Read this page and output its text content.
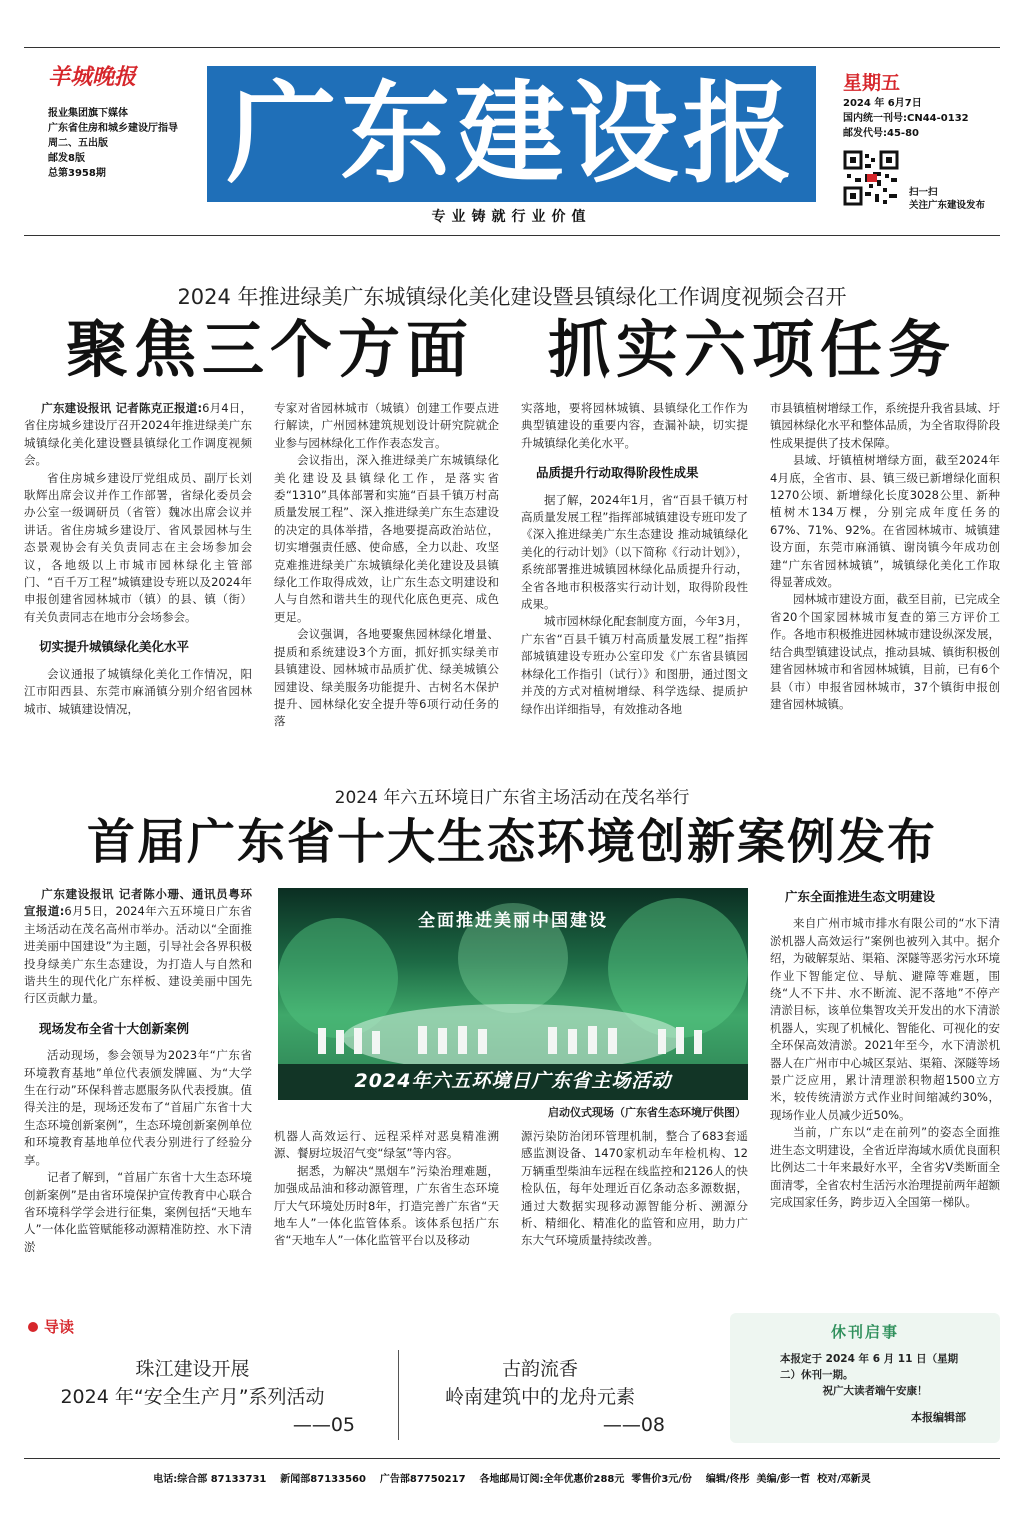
羊城晚报
报业集团旗下媒体
广东省住房和城乡建设厅指导
周二、五出版
邮发8版
总第3958期	广东建设报
专业铸就行业价值
星期五
2024 年 6月7日
国内统一刊号:CN44-0132
邮发代号:45-80
扫一扫
关注广东建设发布
2024 年推进绿美广东城镇绿化美化建设暨县镇绿化工作调度视频会召开
聚焦三个方面 抓实六项任务

广东建设报讯 记者陈克正报道:6月4日，省住房城乡建设厅召开2024年推进绿美广东城镇绿化美化建设暨县镇绿化工作调度视频会。

省住房城乡建设厅党组成员、副厅长刘耿辉出席会议并作工作部署，省绿化委员会办公室一级调研员（省管）魏冰出席会议并讲话。省住房城乡建设厅、省风景园林与生态景观协会有关负责同志在主会场参加会议，各地级以上市城市园林绿化主管部门、“百千万工程”城镇建设专班以及2024年申报创建省园林城市（镇）的县、镇（街）有关负责同志在地市分会场参会。

切实提升城镇绿化美化水平

会议通报了城镇绿化美化工作情况，阳江市阳西县、东莞市麻涌镇分别介绍省园林城市、城镇建设情况，

专家对省园林城市（城镇）创建工作要点进行解读，广州园林建筑规划设计研究院就企业参与园林绿化工作作表态发言。

会议指出，深入推进绿美广东城镇绿化美化建设及县镇绿化工作，是落实省委“1310”具体部署和实施“百县千镇万村高质量发展工程”、深入推进绿美广东生态建设的决定的具体举措，各地要提高政治站位，切实增强责任感、使命感，全力以赴、攻坚克难推进绿美广东城镇绿化美化建设及县镇绿化工作取得成效，让广东生态文明建设和人与自然和谐共生的现代化底色更亮、成色更足。

会议强调，各地要聚焦园林绿化增量、提质和系统建设3个方面，抓好抓实绿美市县镇建设、园林城市品质扩优、绿美城镇公园建设、绿美服务功能提升、古树名木保护提升、园林绿化安全提升等6项行动任务的落

实落地，要将园林城镇、县镇绿化工作作为典型镇建设的重要内容，查漏补缺，切实提升城镇绿化美化水平。

品质提升行动取得阶段性成果

据了解，2024年1月，省“百县千镇万村高质量发展工程”指挥部城镇建设专班印发了《深入推进绿美广东生态建设 推动城镇绿化美化的行动计划》（以下简称《行动计划》），系统部署推进城镇园林绿化品质提升行动，全省各地市积极落实行动计划，取得阶段性成果。

城市园林绿化配套制度方面，今年3月，广东省“百县千镇万村高质量发展工程”指挥部城镇建设专班办公室印发《广东省县镇园林绿化工作指引（试行）》和图册，通过图文并茂的方式对植树增绿、科学选绿、提质护绿作出详细指导，有效推动各地

市县镇植树增绿工作，系统提升我省县域、圩镇园林绿化水平和整体品质，为全省取得阶段性成果提供了技术保障。

县域、圩镇植树增绿方面，截至2024年4月底，全省市、县、镇三级已新增绿化面积1270公顷、新增绿化长度3028公里、新种植树木134万棵，分别完成年度任务的67%、71%、92%。在省园林城市、城镇建设方面，东莞市麻涌镇、谢岗镇今年成功创建“广东省园林城镇”，城镇绿化美化工作取得显著成效。

园林城市建设方面，截至目前，已完成全省20个国家园林城市复查的第三方评价工作。各地市积极推进园林城市建设纵深发展，结合典型镇建设试点，推动县城、镇街积极创建省园林城市和省园林城镇，目前，已有6个县（市）申报省园林城市，37个镇街申报创建省园林城镇。

2024 年六五环境日广东省主场活动在茂名举行
首届广东省十大生态环境创新案例发布

广东建设报讯 记者陈小珊、通讯员粤环宣报道:6月5日，2024年六五环境日广东省主场活动在茂名高州市举办。活动以“全面推进美丽中国建设”为主题，引导社会各界积极投身绿美广东生态建设，为打造人与自然和谐共生的现代化广东样板、建设美丽中国先行区贡献力量。

现场发布全省十大创新案例

活动现场，参会领导为2023年“广东省环境教育基地”单位代表颁发牌匾、为“大学生在行动”环保科普志愿服务队代表授旗。值得关注的是，现场还发布了“首届广东省十大生态环境创新案例”，生态环境创新案例单位和环境教育基地单位代表分别进行了经验分享。

记者了解到，“首届广东省十大生态环境创新案例”是由省环境保护宣传教育中心联合省环境科学学会进行征集，案例包括“天地车人”一体化监管赋能移动源精准防控、水下清淤

全面推进美丽中国建设
2024年六五环境日广东省主场活动
启动仪式现场（广东省生态环境厅供图）

机器人高效运行、远程采样对恶臭精准溯源、餐厨垃圾沼气变“绿氢”等内容。

据悉，为解决“黑烟车”污染治理难题，加强成品油和移动源管理，广东省生态环境厅大气环境处历时8年，打造完善广东省“天地车人”一体化监管体系。该体系包括广东省“天地车人”一体化监管平台以及移动

源污染防治闭环管理机制，整合了683套遥感监测设备、1470家机动车年检机构、12万辆重型柴油车远程在线监控和2126人的快检队伍，每年处理近百亿条动态多源数据，通过大数据实现移动源智能分析、溯源分析、精细化、精准化的监管和应用，助力广东大气环境质量持续改善。

广东全面推进生态文明建设

来自广州市城市排水有限公司的“水下清淤机器人高效运行”案例也被列入其中。据介绍，为破解泵站、渠箱、深隧等恶劣污水环境作业下智能定位、导航、避障等难题，围绕“人不下井、水不断流、泥不落地”不停产清淤目标，该单位集智攻关开发出的水下清淤机器人，实现了机械化、智能化、可视化的安全环保高效清淤。2021年至今，水下清淤机器人在广州市中心城区泵站、渠箱、深隧等场景广泛应用，累计清理淤积物超1500立方米，较传统清淤方式作业时间缩减约30%，现场作业人员减少近50%。

当前，广东以“走在前列”的姿态全面推进生态文明建设，全省近岸海域水质优良面积比例达二十年来最好水平，全省劣Ⅴ类断面全面清零，全省农村生活污水治理提前两年超额完成国家任务，跨步迈入全国第一梯队。

导读
珠江建设开展
2024 年“安全生产月”系列活动
——05
古韵流香
岭南建筑中的龙舟元素
——08
休刊启事
本报定于 2024 年 6 月 11 日（星期二）休刊一期。
祝广大读者端午安康！
本报编辑部
电话:综合部 87133731    新闻部87133560    广告部87750217    各地邮局订阅:全年优惠价288元  零售价3元/份    编辑/佟彤  美编/彭一哲  校对/邓新灵
